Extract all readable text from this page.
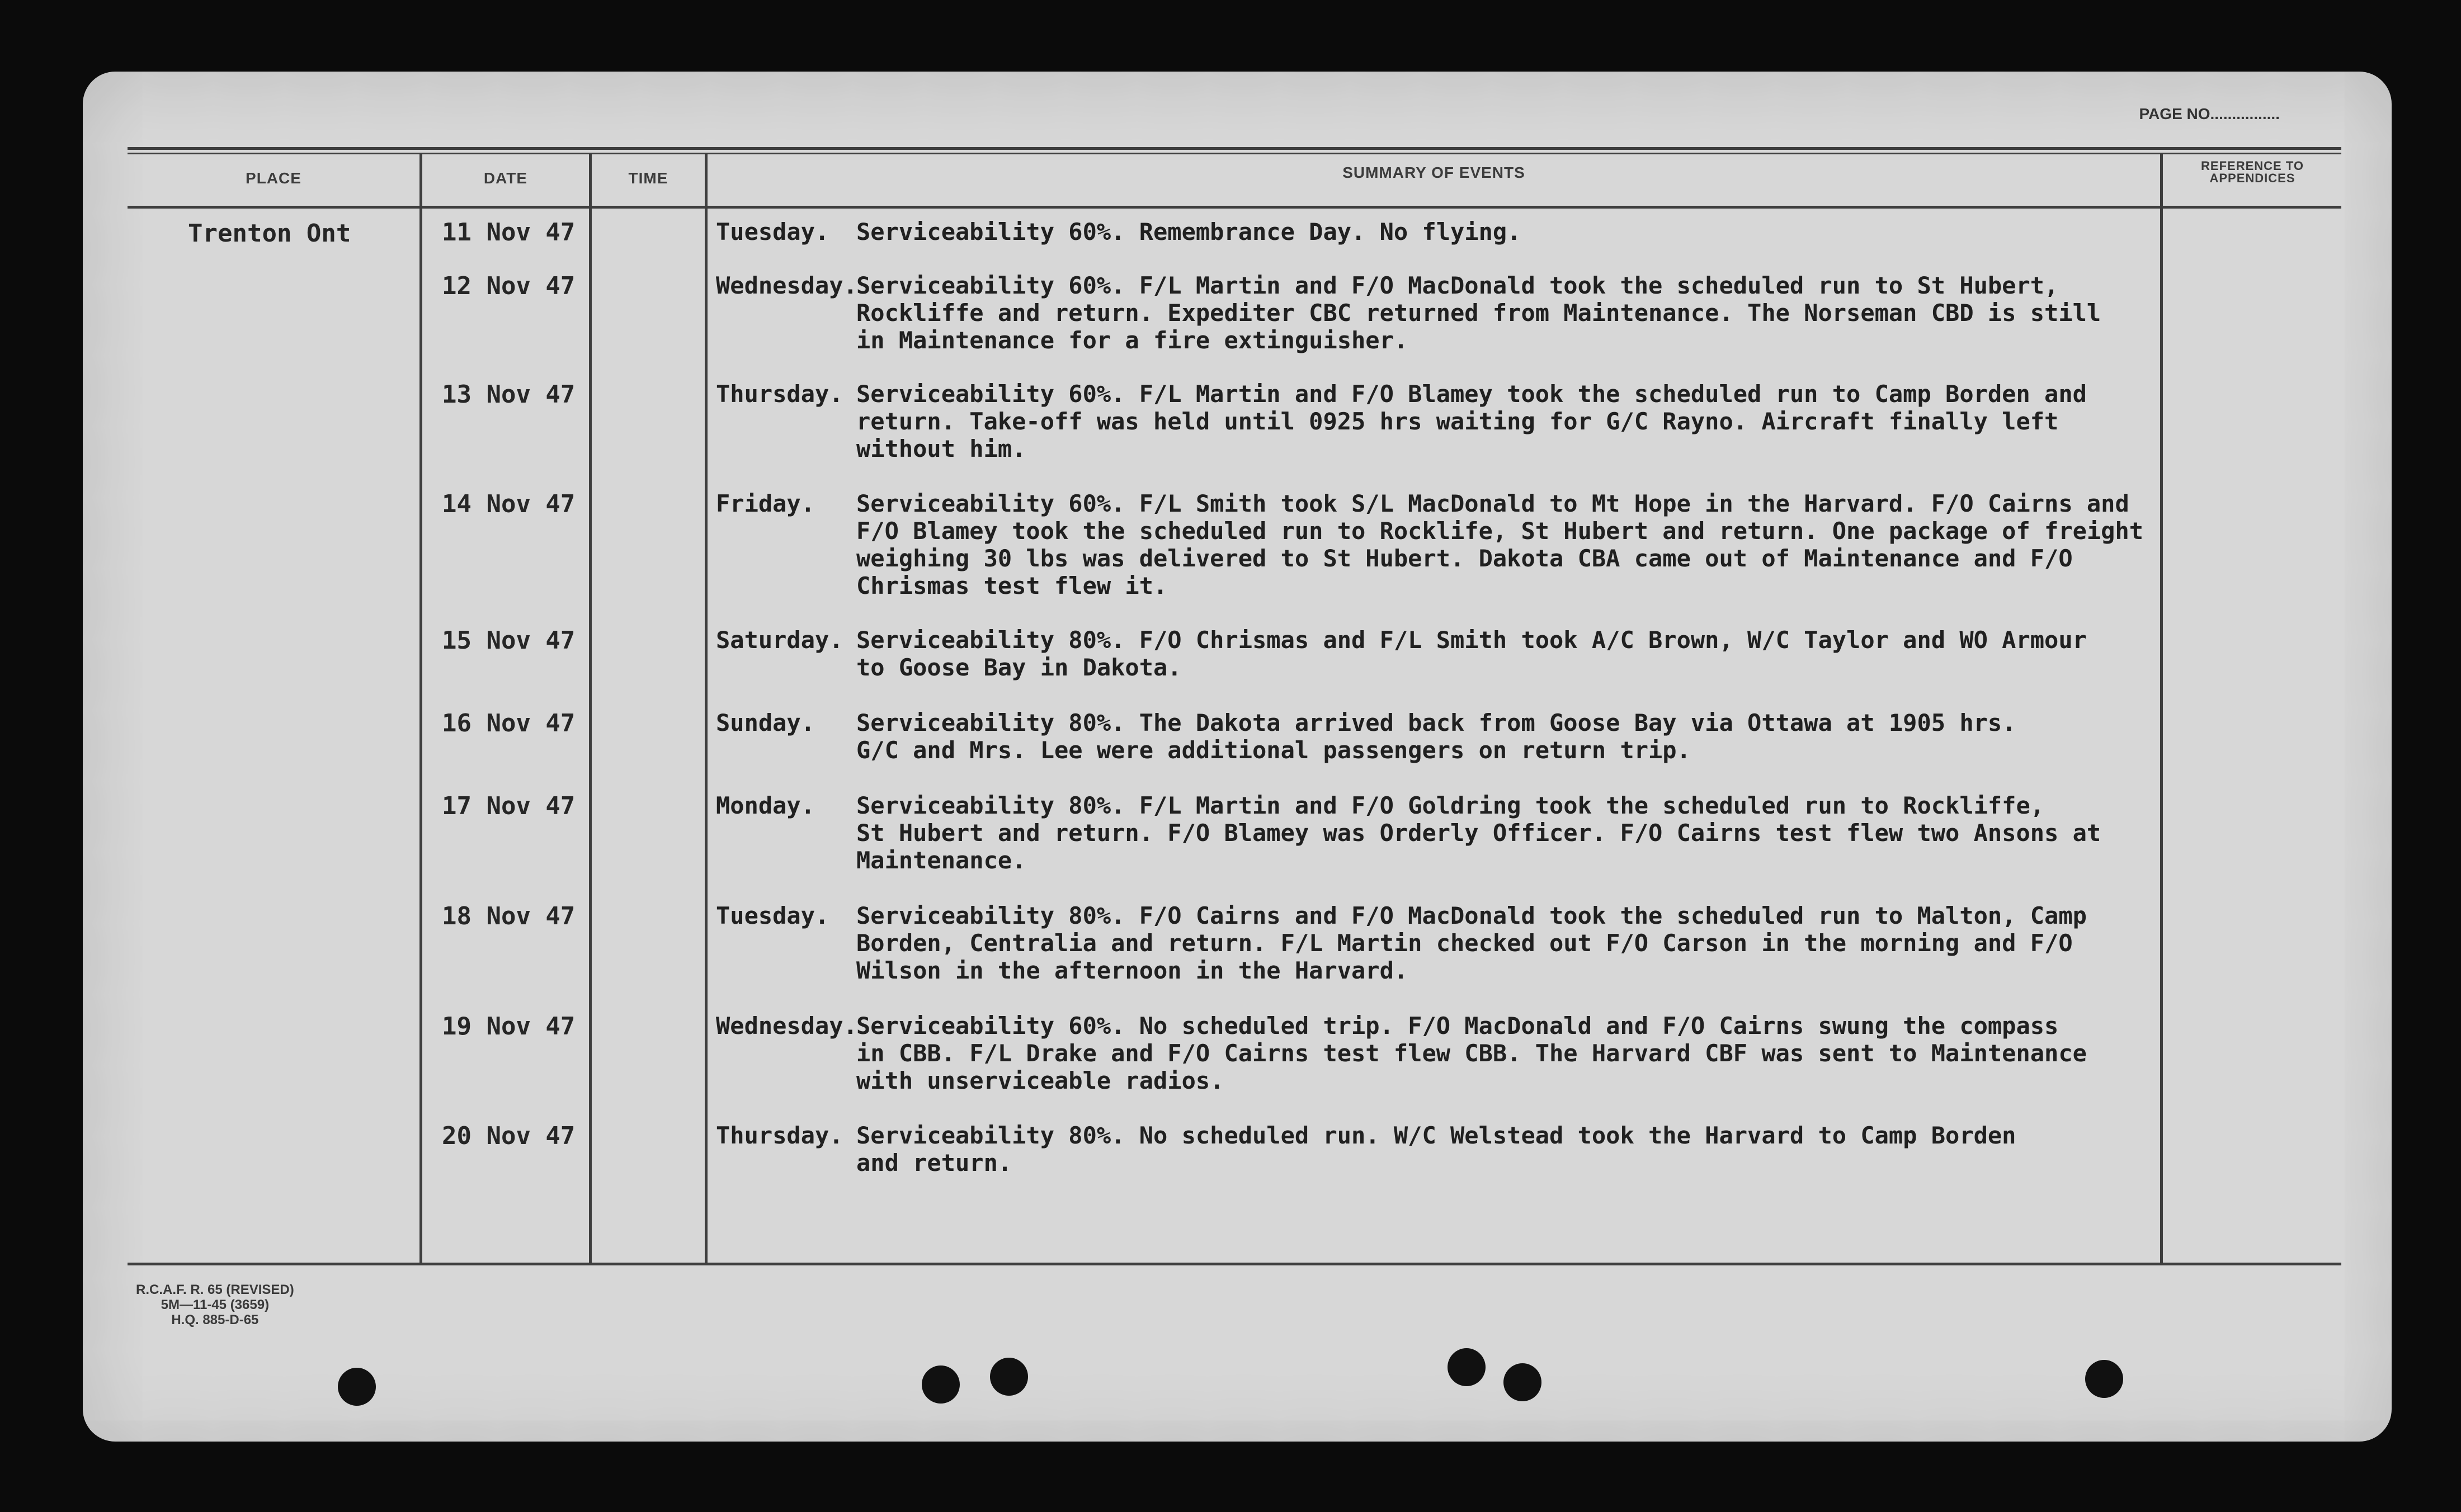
PAGE NO................
PLACE	DATE	TIME	SUMMARY OF EVENTS	REFERENCE TO
APPENDICES
Trenton Ont	11 Nov 47	Tuesday. Serviceability 60%. Remembrance Day. No flying.
12 Nov 47	Wednesday.
Serviceability 60%. F/L Martin and F/O MacDonald took the scheduled run to St Hubert,
Rockliffe and return. Expediter CBC returned from Maintenance. The Norseman CBD is still
in Maintenance for a fire extinguisher.
13 Nov 47	Thursday. Serviceability 60%. F/L Martin and F/O Blamey took the scheduled run to Camp Borden and
return. Take-off was held until 0925 hrs waiting for G/C Rayno. Aircraft finally left
without him.
14 Nov 47	Friday. Serviceability 60%. F/L Smith took S/L MacDonald to Mt Hope in the Harvard. F/O Cairns and
F/O Blamey took the scheduled run to Rocklife, St Hubert and return. One package of freight
weighing 30 lbs was delivered to St Hubert. Dakota CBA came out of Maintenance and F/O
Chrismas test flew it.
15 Nov 47	Saturday. Serviceability 80%. F/O Chrismas and F/L Smith took A/C Brown, W/C Taylor and WO Armour
to Goose Bay in Dakota.
16 Nov 47	Sunday. Serviceability 80%. The Dakota arrived back from Goose Bay via Ottawa at 1905 hrs.
G/C and Mrs. Lee were additional passengers on return trip.
17 Nov 47	Monday. Serviceability 80%. F/L Martin and F/O Goldring took the scheduled run to Rockliffe,
St Hubert and return. F/O Blamey was Orderly Officer. F/O Cairns test flew two Ansons at
Maintenance.
18 Nov 47	Tuesday. Serviceability 80%. F/O Cairns and F/O MacDonald took the scheduled run to Malton, Camp
Borden, Centralia and return. F/L Martin checked out F/O Carson in the morning and F/O
Wilson in the afternoon in the Harvard.
19 Nov 47	Wednesday.
Serviceability 60%. No scheduled trip. F/O MacDonald and F/O Cairns swung the compass
in CBB. F/L Drake and F/O Cairns test flew CBB. The Harvard CBF was sent to Maintenance
with unserviceable radios.
20 Nov 47	Thursday. Serviceability 80%. No scheduled run. W/C Welstead took the Harvard to Camp Borden
and return.
R.C.A.F. R. 65 (REVISED)
5M—11-45 (3659)
H.Q. 885-D-65
